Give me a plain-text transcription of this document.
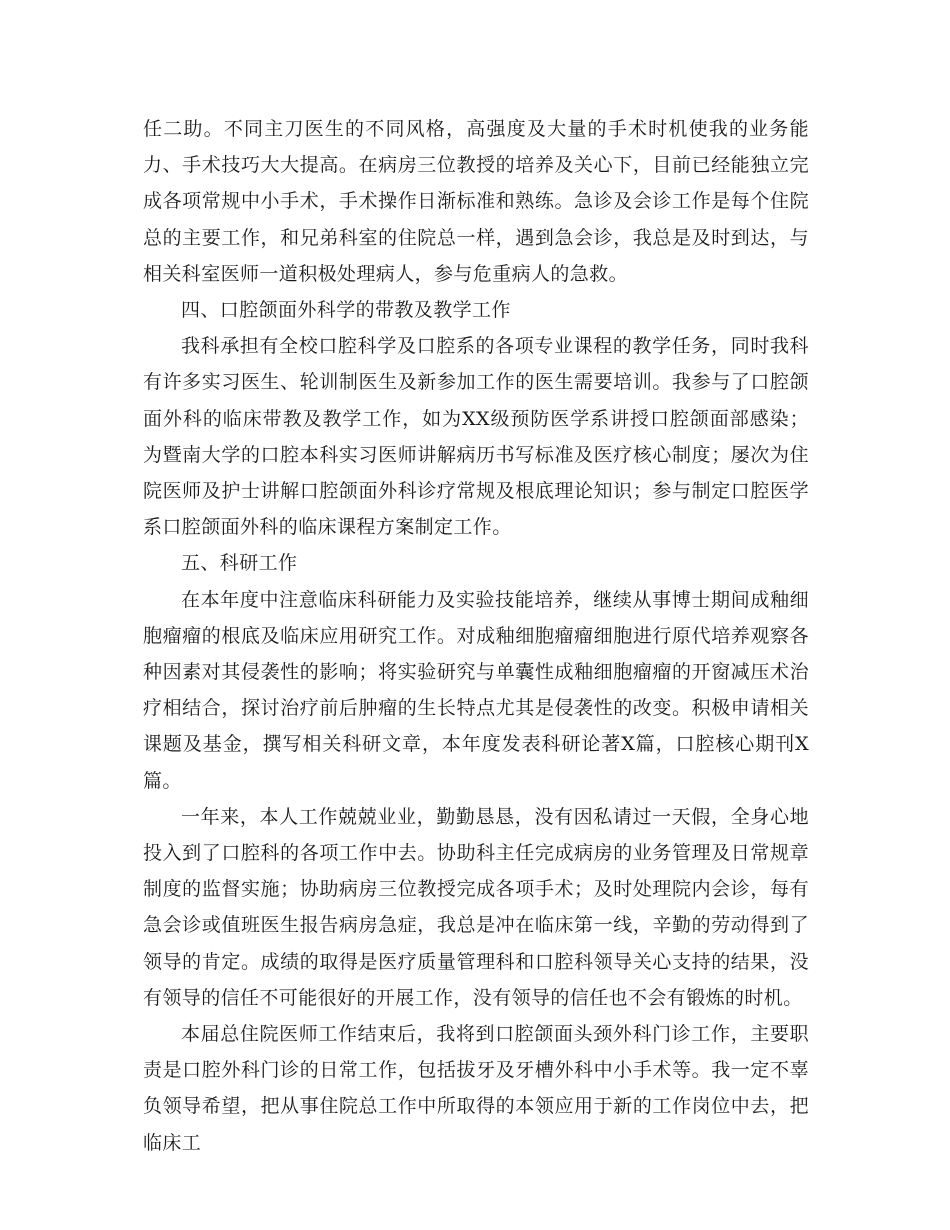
任二助。不同主刀医生的不同风格，高强度及大量的手术时机使我的业务能力、手术技巧大大提高。在病房三位教授的培养及关心下，目前已经能独立完成各项常规中小手术，手术操作日渐标准和熟练。急诊及会诊工作是每个住院总的主要工作，和兄弟科室的住院总一样，遇到急会诊，我总是及时到达，与相关科室医师一道积极处理病人，参与危重病人的急救。

四、口腔颌面外科学的带教及教学工作

我科承担有全校口腔科学及口腔系的各项专业课程的教学任务，同时我科有许多实习医生、轮训制医生及新参加工作的医生需要培训。我参与了口腔颌面外科的临床带教及教学工作，如为XX级预防医学系讲授口腔颌面部感染；为暨南大学的口腔本科实习医师讲解病历书写标准及医疗核心制度；屡次为住院医师及护士讲解口腔颌面外科诊疗常规及根底理论知识；参与制定口腔医学系口腔颌面外科的临床课程方案制定工作。

五、科研工作

在本年度中注意临床科研能力及实验技能培养，继续从事博士期间成釉细胞瘤瘤的根底及临床应用研究工作。对成釉细胞瘤瘤细胞进行原代培养观察各种因素对其侵袭性的影响；将实验研究与单囊性成釉细胞瘤瘤的开窗减压术治疗相结合，探讨治疗前后肿瘤的生长特点尤其是侵袭性的改变。积极申请相关课题及基金，撰写相关科研文章，本年度发表科研论著X篇，口腔核心期刊X篇。

一年来，本人工作兢兢业业，勤勤恳恳，没有因私请过一天假，全身心地投入到了口腔科的各项工作中去。协助科主任完成病房的业务管理及日常规章制度的监督实施；协助病房三位教授完成各项手术；及时处理院内会诊，每有急会诊或值班医生报告病房急症，我总是冲在临床第一线，辛勤的劳动得到了领导的肯定。成绩的取得是医疗质量管理科和口腔科领导关心支持的结果，没有领导的信任不可能很好的开展工作，没有领导的信任也不会有锻炼的时机。

本届总住院医师工作结束后，我将到口腔颌面头颈外科门诊工作，主要职责是口腔外科门诊的日常工作，包括拔牙及牙槽外科中小手术等。我一定不辜负领导希望，把从事住院总工作中所取得的本领应用于新的工作岗位中去，把临床工
